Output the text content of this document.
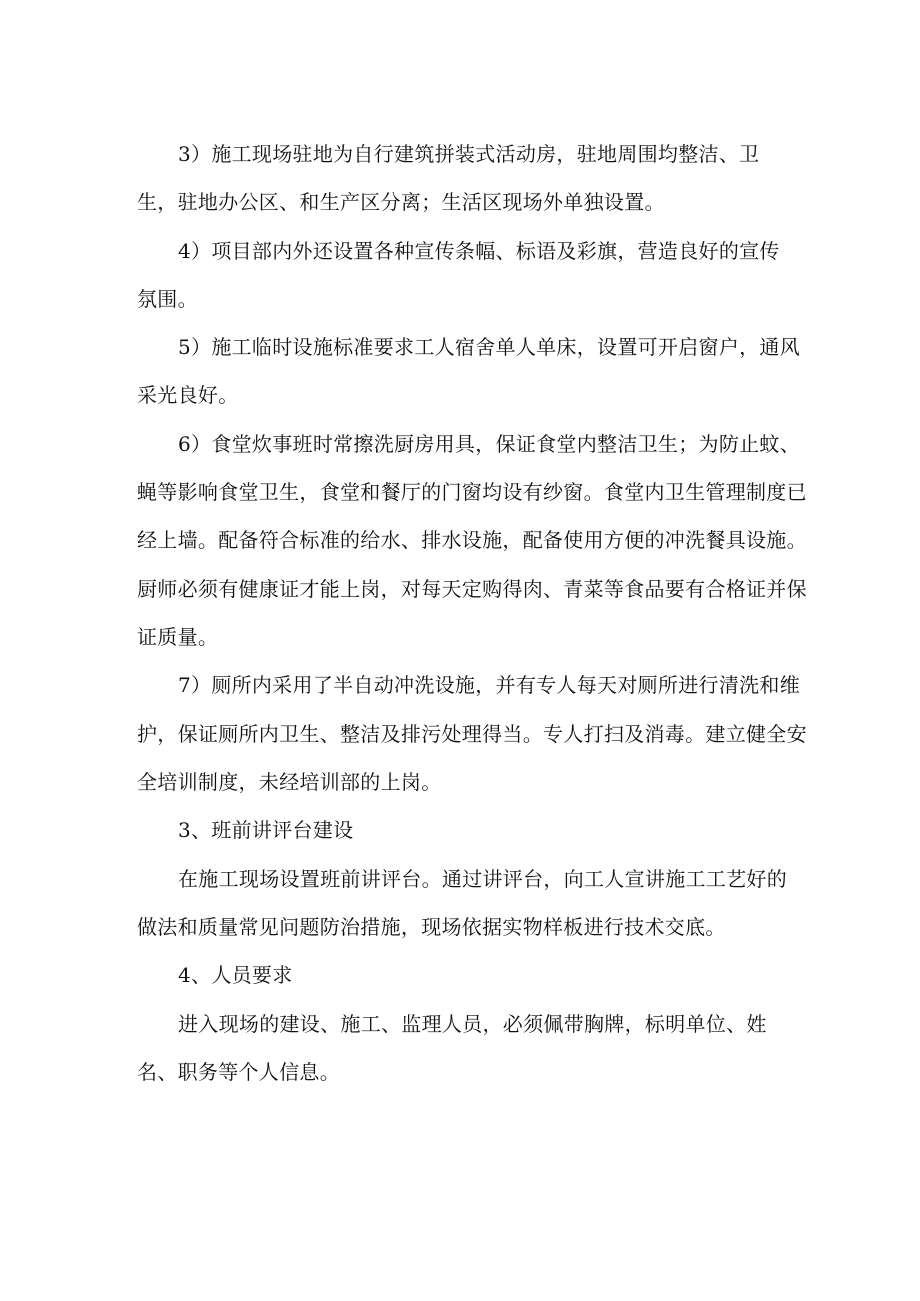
3）施工现场驻地为自行建筑拼装式活动房，驻地周围均整洁、卫
生，驻地办公区、和生产区分离；生活区现场外单独设置。
4）项目部内外还设置各种宣传条幅、标语及彩旗，营造良好的宣传
氛围。
5）施工临时设施标准要求工人宿舍单人单床，设置可开启窗户，通风
采光良好。
6）食堂炊事班时常擦洗厨房用具，保证食堂内整洁卫生；为防止蚊、
蝇等影响食堂卫生，食堂和餐厅的门窗均设有纱窗。食堂内卫生管理制度已
经上墙。配备符合标准的给水、排水设施，配备使用方便的冲洗餐具设施。
厨师必须有健康证才能上岗，对每天定购得肉、青菜等食品要有合格证并保
证质量。
7）厕所内采用了半自动冲洗设施，并有专人每天对厕所进行清洗和维
护，保证厕所内卫生、整洁及排污处理得当。专人打扫及消毒。建立健全安
全培训制度，未经培训部的上岗。
3、班前讲评台建设
在施工现场设置班前讲评台。通过讲评台，向工人宣讲施工工艺好的
做法和质量常见问题防治措施，现场依据实物样板进行技术交底。
4、人员要求
进入现场的建设、施工、监理人员，必须佩带胸牌，标明单位、姓
名、职务等个人信息。
